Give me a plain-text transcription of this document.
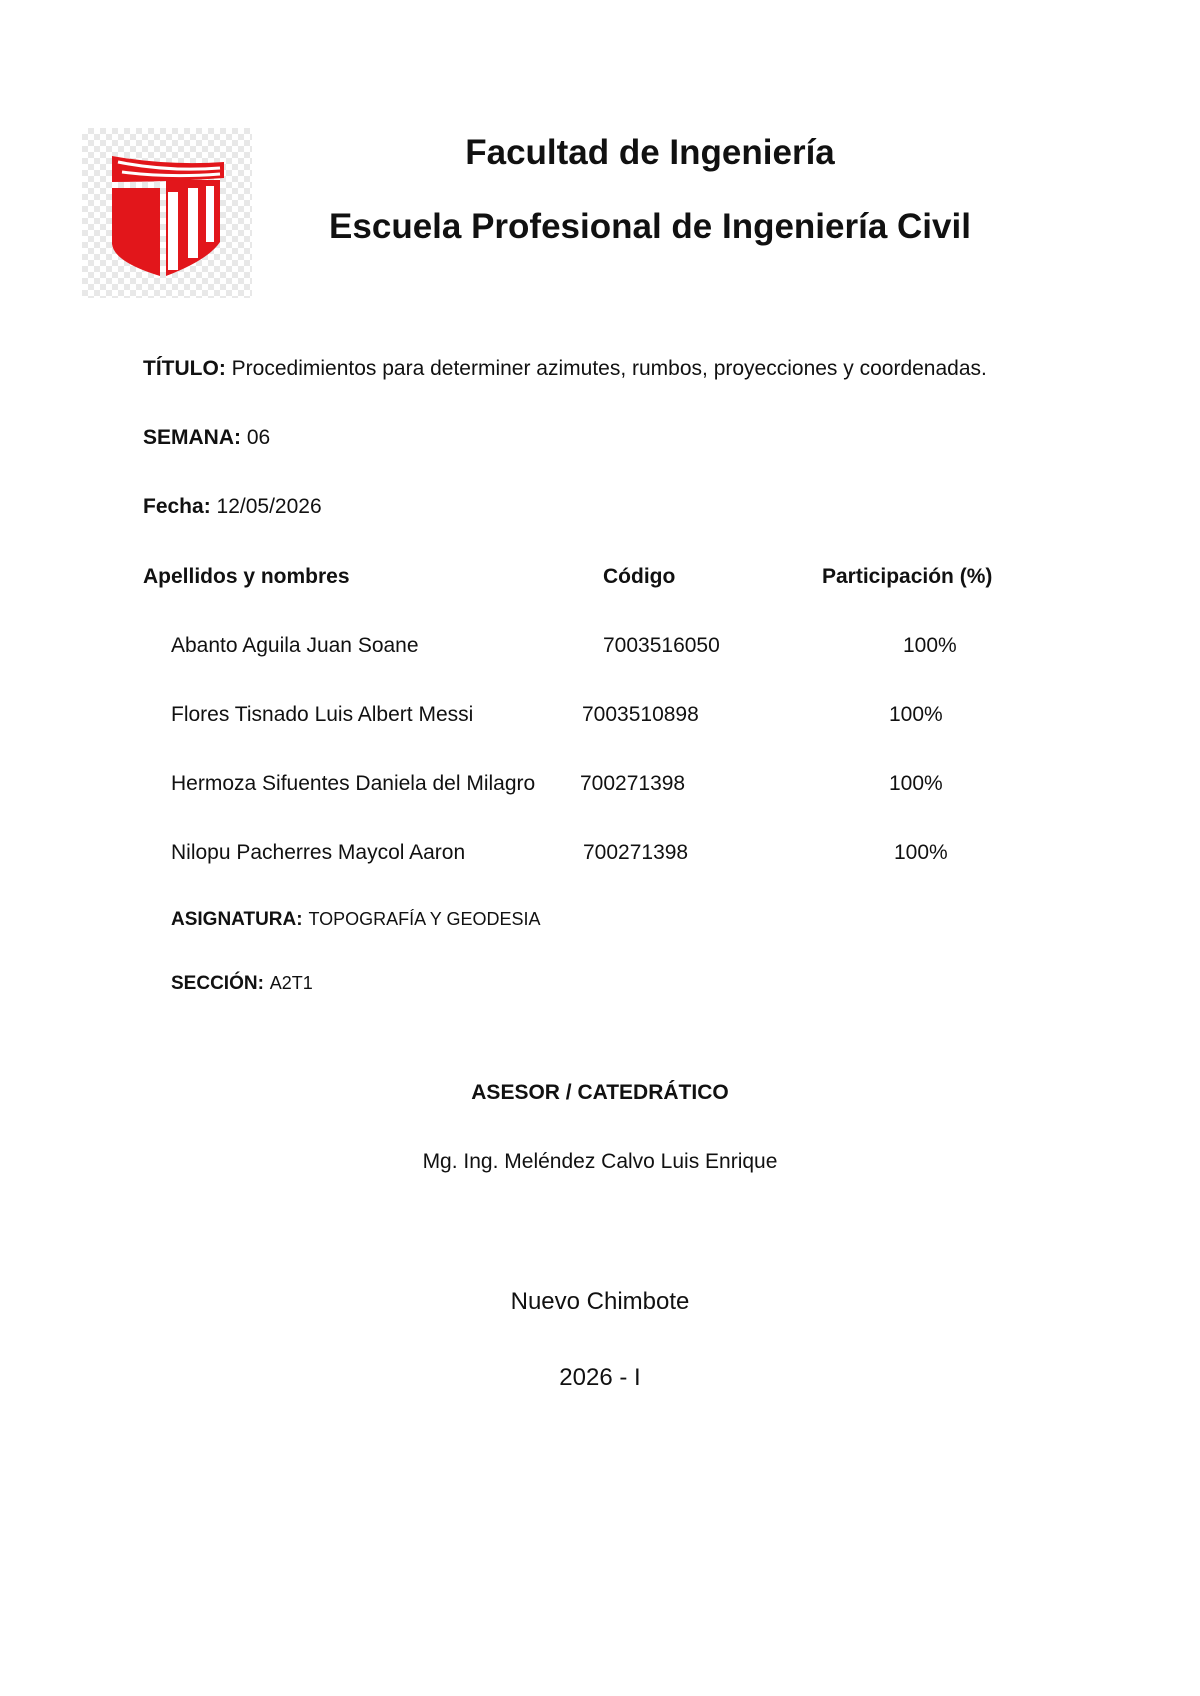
Facultad de Ingeniería
Escuela Profesional de Ingeniería Civil
TÍTULO: Procedimientos para determiner azimutes, rumbos, proyecciones y coordenadas.
SEMANA: 06
Fecha: 12/05/2026
Apellidos y nombres	Código	Participación (%)
Abanto Aguila Juan Soane	7003516050	100%
Flores Tisnado Luis Albert Messi	7003510898	100%
Hermoza Sifuentes Daniela del Milagro 700271398	100%
Nilopu Pacherres Maycol Aaron	700271398	100%
ASIGNATURA: TOPOGRAFÍA Y GEODESIA
SECCIÓN: A2T1
ASESOR / CATEDRÁTICO
Mg. Ing. Meléndez Calvo Luis Enrique
Nuevo Chimbote
2026 - I
